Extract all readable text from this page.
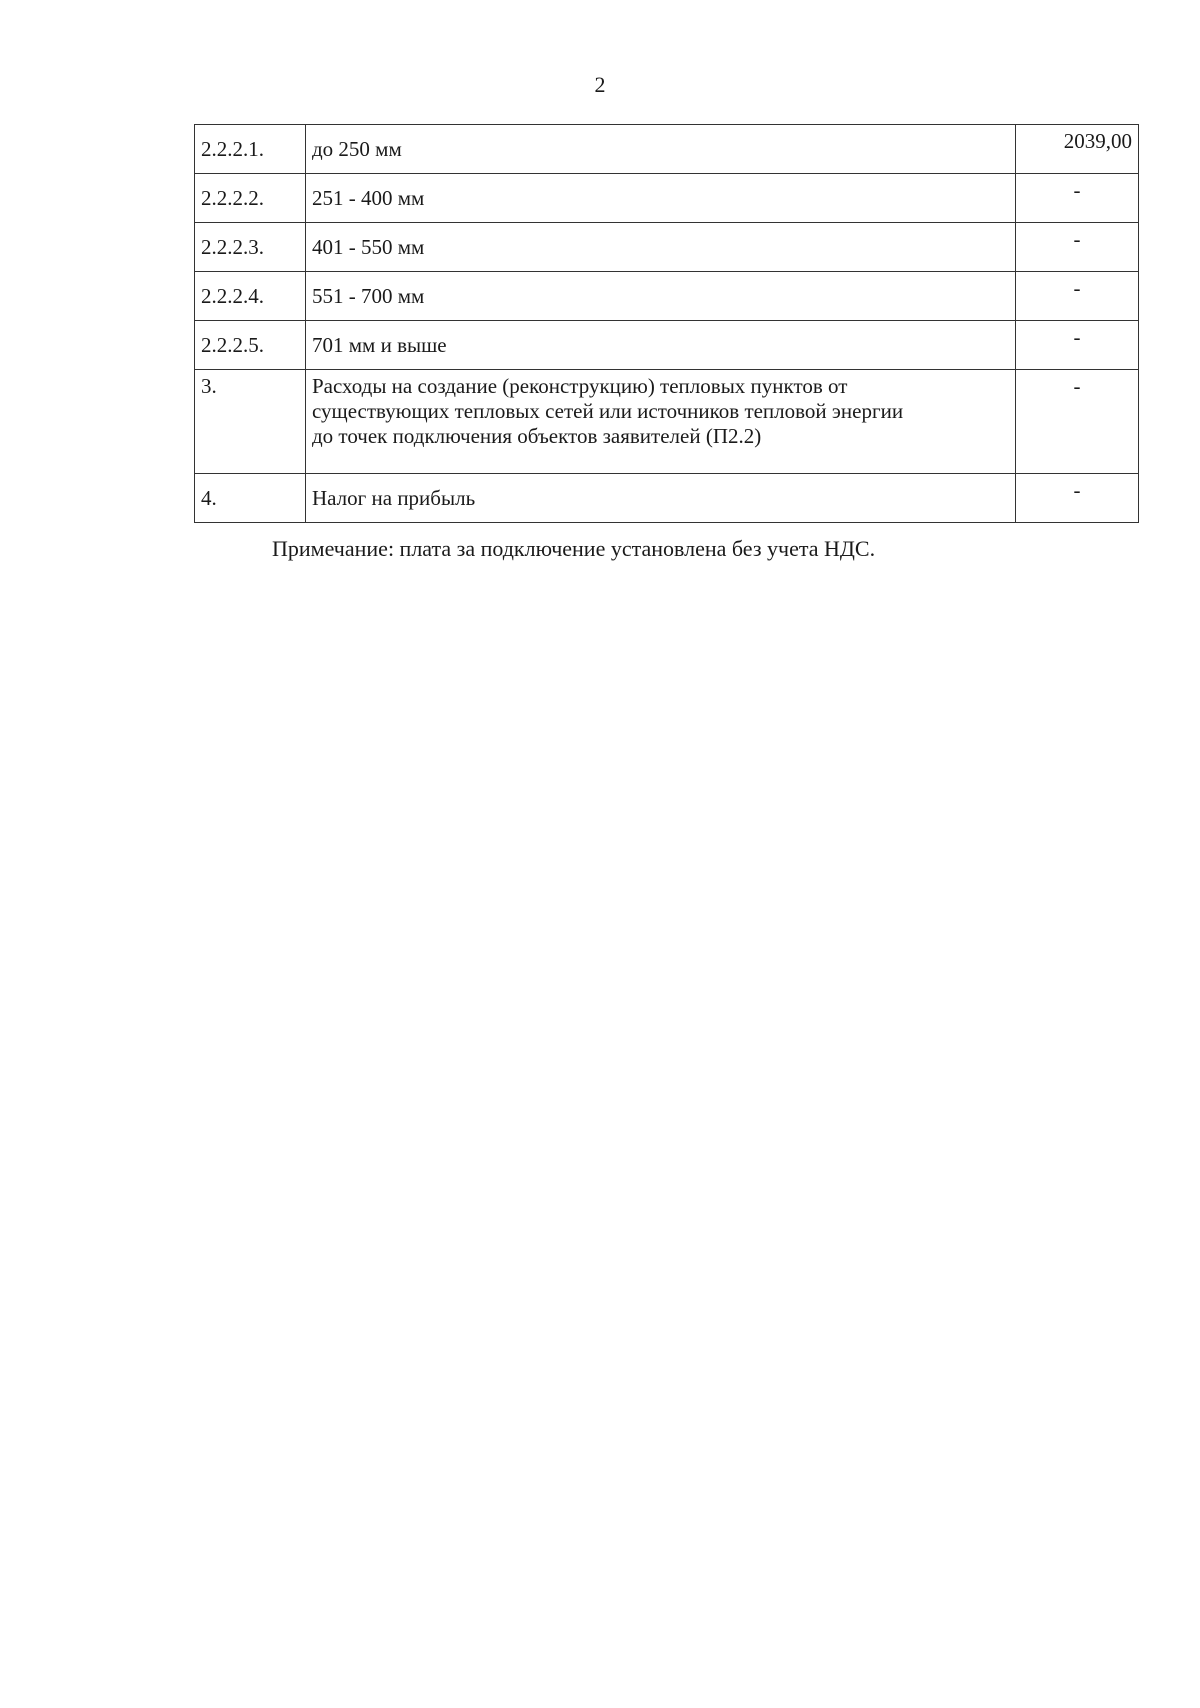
2
2.2.2.1.	до 250 мм	2039,00
2.2.2.2.	251 - 400 мм	-
2.2.2.3.	401 - 550 мм	-
2.2.2.4.	551 - 700 мм	-
2.2.2.5.	701 мм и выше	-
3.	Расходы на создание (реконструкцию) тепловых пунктов от
существующих тепловых сетей или источников тепловой энергии
до точек подключения объектов заявителей (П2.2)	-
4.	Налог на прибыль	-
Примечание: плата за подключение установлена без учета НДС.
